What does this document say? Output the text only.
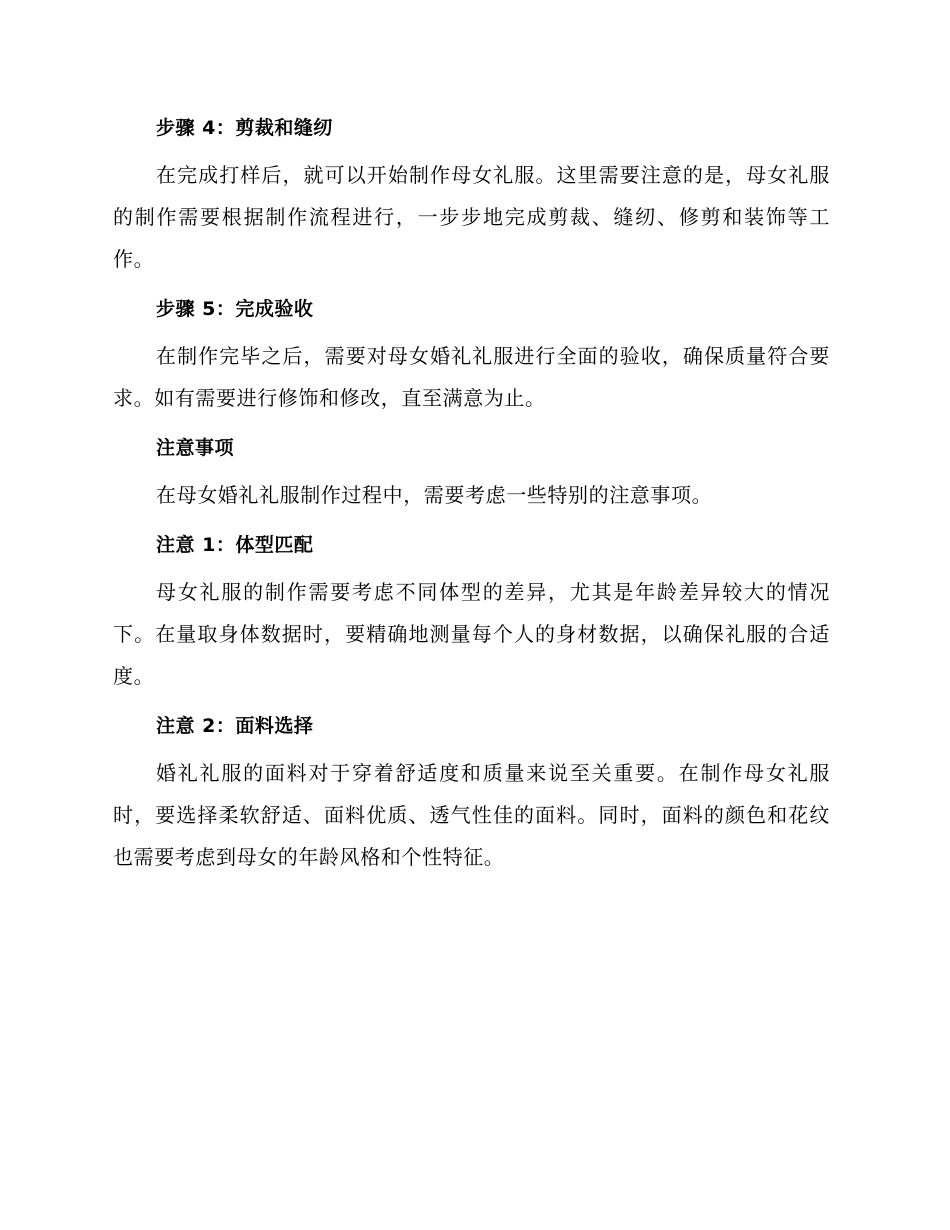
步骤 4：剪裁和缝纫

在完成打样后，就可以开始制作母女礼服。这里需要注意的是，母女礼服的制作需要根据制作流程进行，一步步地完成剪裁、缝纫、修剪和装饰等工作。

步骤 5：完成验收

在制作完毕之后，需要对母女婚礼礼服进行全面的验收，确保质量符合要求。如有需要进行修饰和修改，直至满意为止。

注意事项

在母女婚礼礼服制作过程中，需要考虑一些特别的注意事项。

注意 1：体型匹配

母女礼服的制作需要考虑不同体型的差异，尤其是年龄差异较大的情况下。在量取身体数据时，要精确地测量每个人的身材数据，以确保礼服的合适度。

注意 2：面料选择

婚礼礼服的面料对于穿着舒适度和质量来说至关重要。在制作母女礼服时，要选择柔软舒适、面料优质、透气性佳的面料。同时，面料的颜色和花纹也需要考虑到母女的年龄风格和个性特征。
